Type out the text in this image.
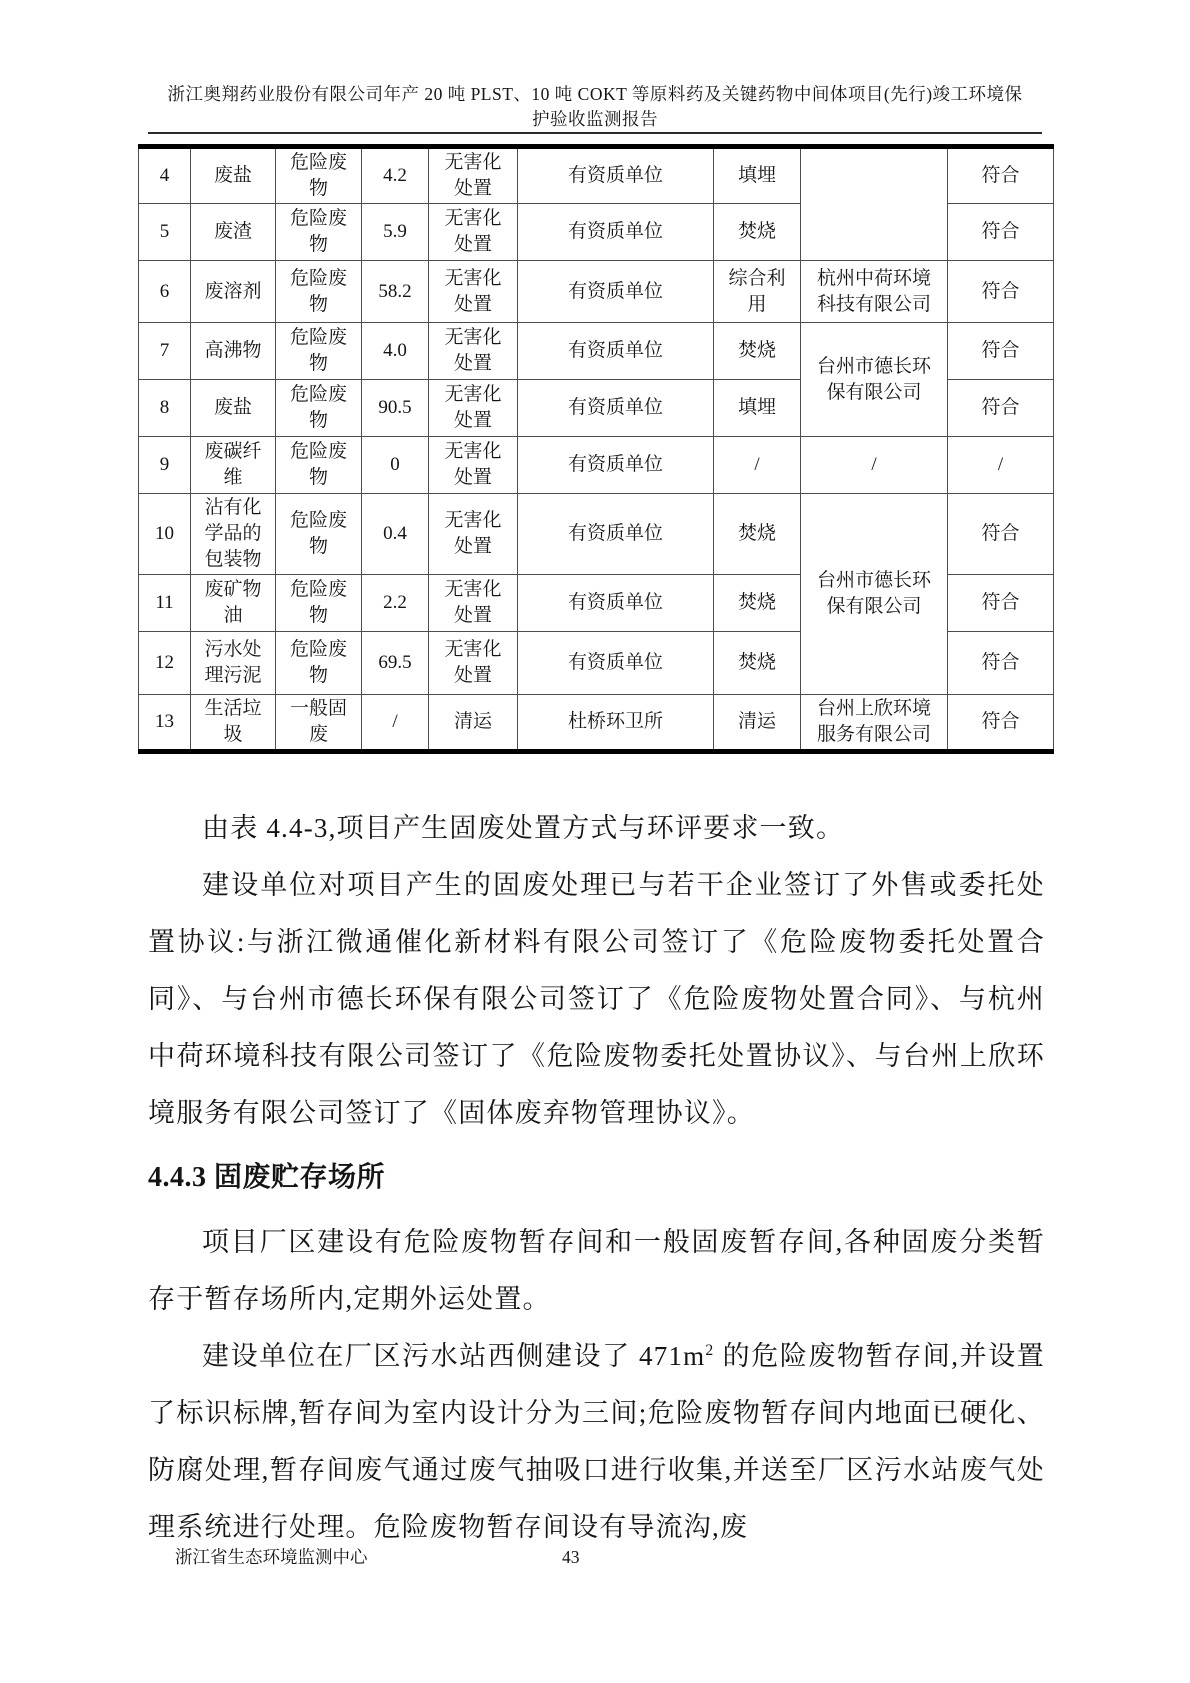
浙江奥翔药业股份有限公司年产 20 吨 PLST、10 吨 COKT 等原料药及关键药物中间体项目(先行)竣工环境保护验收监测报告
4	废盐	危险废物	4.2	无害化处置	有资质单位	填埋		符合
5	废渣	危险废物	5.9	无害化处置	有资质单位	焚烧		符合
6	废溶剂	危险废物	58.2	无害化处置	有资质单位	综合利用	杭州中荷环境科技有限公司	符合
7	高沸物	危险废物	4.0	无害化处置	有资质单位	焚烧	台州市德长环保有限公司	符合
8	废盐	危险废物	90.5	无害化处置	有资质单位	填埋		符合
9	废碳纤维	危险废物	0	无害化处置	有资质单位	/	/	/
10	沾有化学品的包装物	危险废物	0.4	无害化处置	有资质单位	焚烧	台州市德长环保有限公司	符合
11	废矿物油	危险废物	2.2	无害化处置	有资质单位	焚烧		符合
12	污水处理污泥	危险废物	69.5	无害化处置	有资质单位	焚烧		符合
13	生活垃圾	一般固废	/	清运	杜桥环卫所	清运	台州上欣环境服务有限公司	符合

由表 4.4-3,项目产生固废处置方式与环评要求一致。

建设单位对项目产生的固废处理已与若干企业签订了外售或委托处置协议:与浙江微通催化新材料有限公司签订了《危险废物委托处置合同》、与台州市德长环保有限公司签订了《危险废物处置合同》、与杭州中荷环境科技有限公司签订了《危险废物委托处置协议》、与台州上欣环境服务有限公司签订了《固体废弃物管理协议》。

4.4.3 固废贮存场所

项目厂区建设有危险废物暂存间和一般固废暂存间,各种固废分类暂存于暂存场所内,定期外运处置。

建设单位在厂区污水站西侧建设了 $471m^2$ 的危险废物暂存间,并设置了标识标牌,暂存间为室内设计分为三间;危险废物暂存间内地面已硬化、防腐处理,暂存间废气通过废气抽吸口进行收集,并送至厂区污水站废气处理系统进行处理。危险废物暂存间设有导流沟,废

浙江省生态环境监测中心	43
